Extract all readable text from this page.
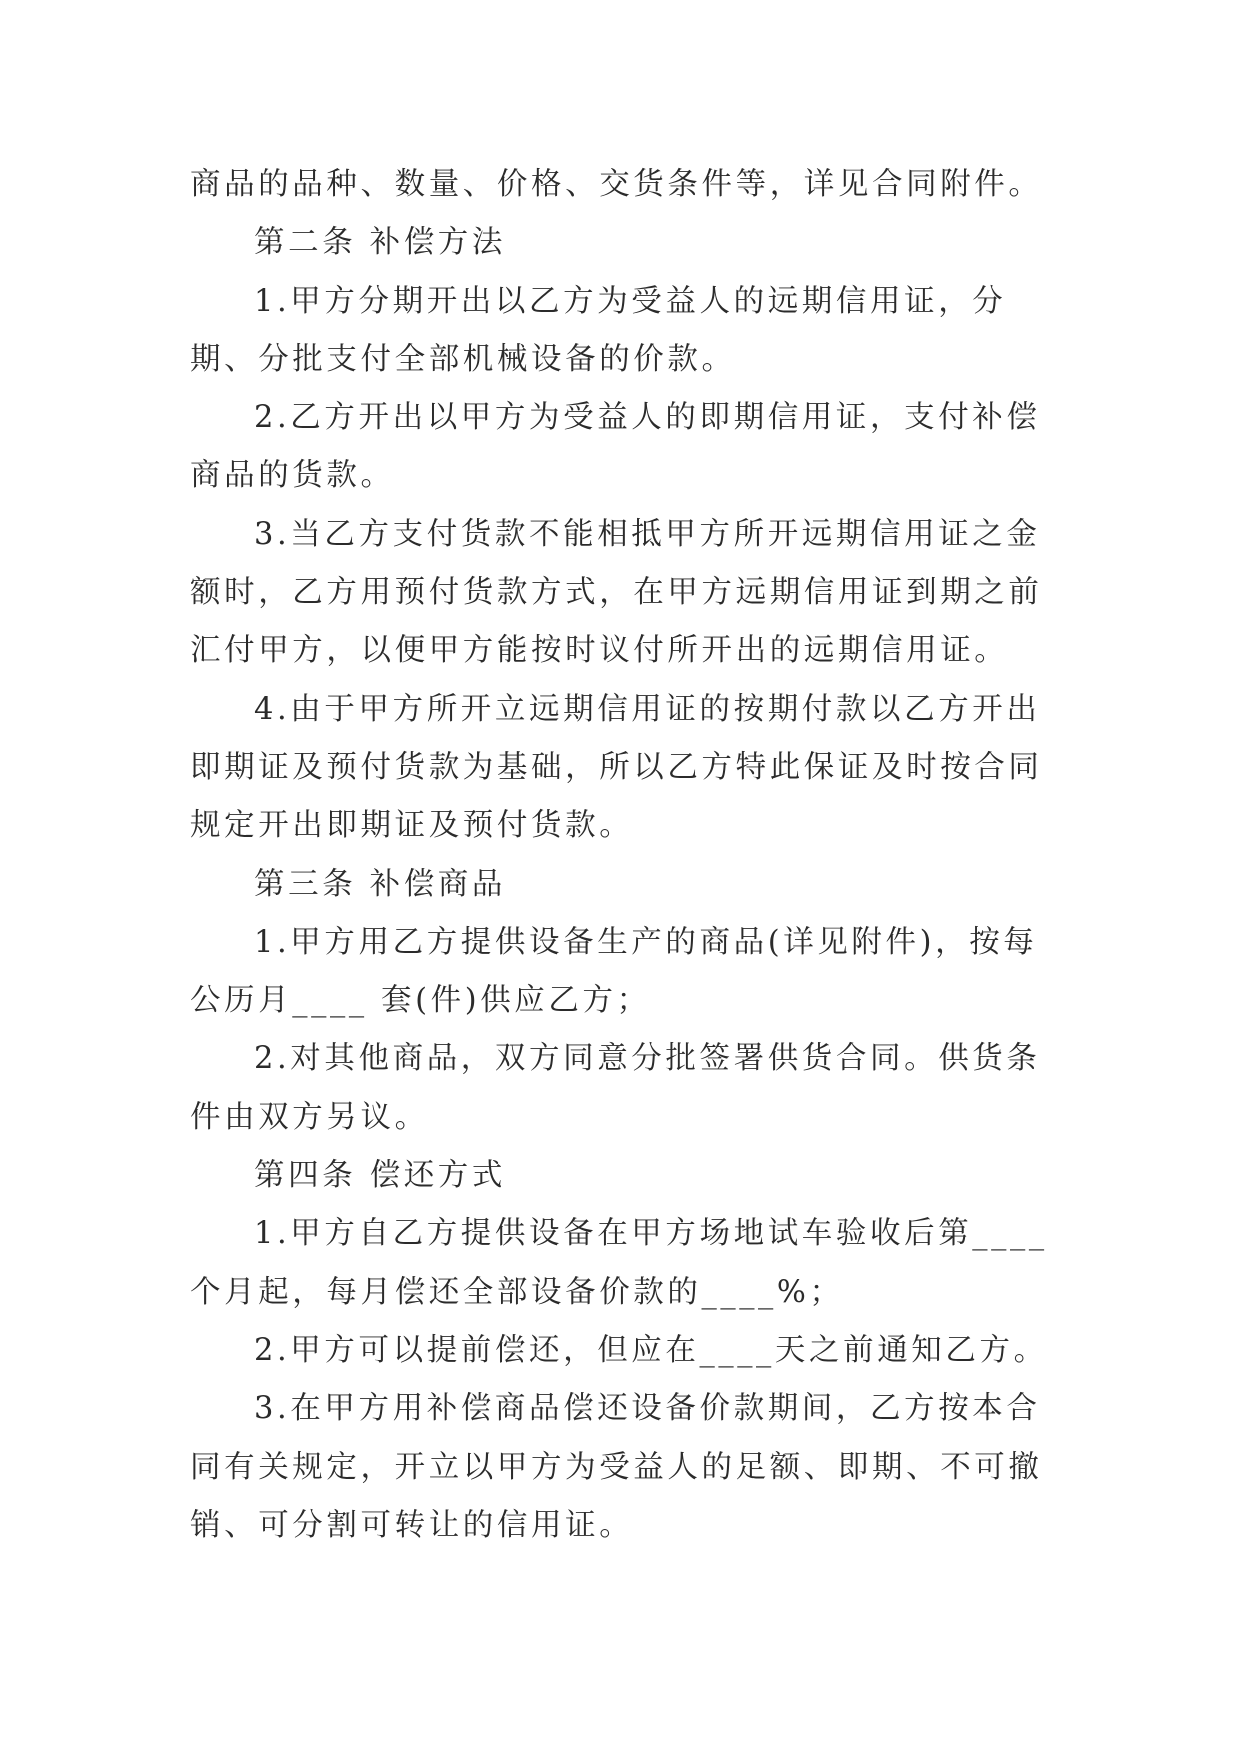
商品的品种、数量、价格、交货条件等，详见合同附件。

第二条 补偿方法

1.甲方分期开出以乙方为受益人的远期信用证，分期、分批支付全部机械设备的价款。

2.乙方开出以甲方为受益人的即期信用证，支付补偿商品的货款。

3.当乙方支付货款不能相抵甲方所开远期信用证之金额时，乙方用预付货款方式，在甲方远期信用证到期之前汇付甲方，以便甲方能按时议付所开出的远期信用证。

4.由于甲方所开立远期信用证的按期付款以乙方开出即期证及预付货款为基础，所以乙方特此保证及时按合同规定开出即期证及预付货款。

第三条 补偿商品

1.甲方用乙方提供设备生产的商品(详见附件)，按每公历月____ 套(件)供应乙方；

2.对其他商品，双方同意分批签署供货合同。供货条件由双方另议。

第四条 偿还方式

1.甲方自乙方提供设备在甲方场地试车验收后第____个月起，每月偿还全部设备价款的____%；

2.甲方可以提前偿还，但应在____天之前通知乙方。

3.在甲方用补偿商品偿还设备价款期间，乙方按本合同有关规定，开立以甲方为受益人的足额、即期、不可撤销、可分割可转让的信用证。
